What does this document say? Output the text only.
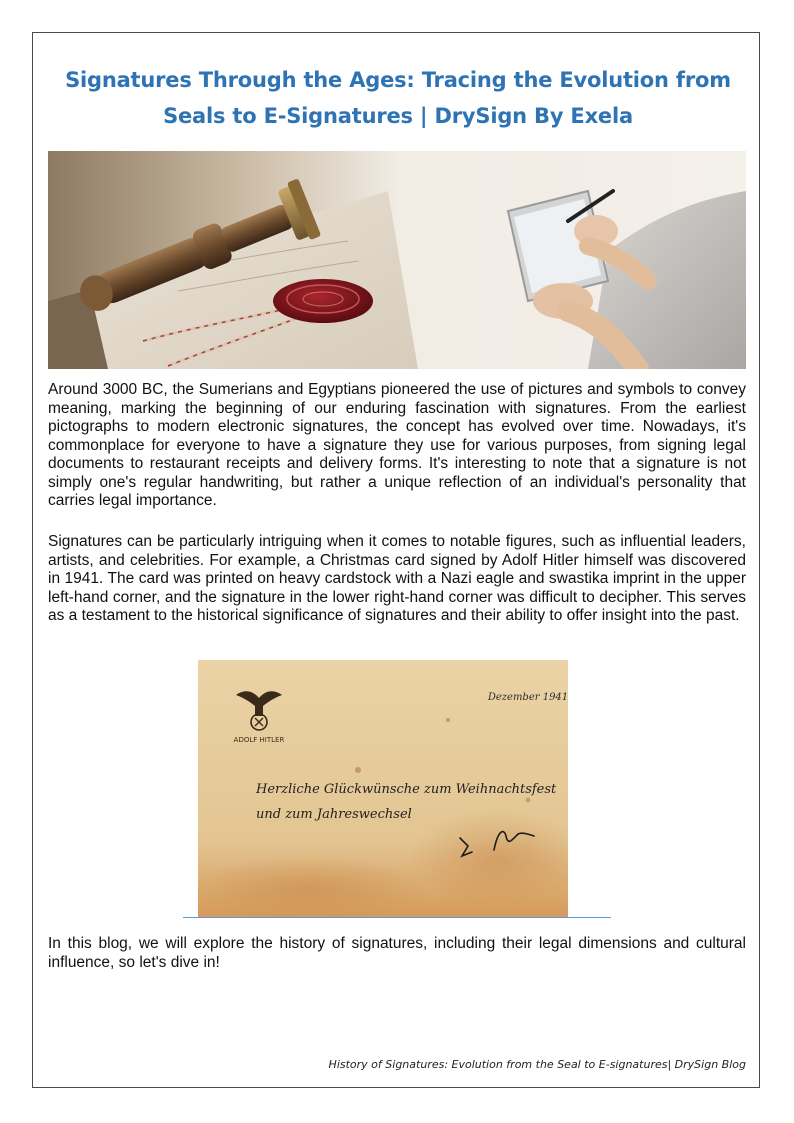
Signatures Through the Ages: Tracing the Evolution from Seals to E-Signatures | DrySign By Exela

Around 3000 BC, the Sumerians and Egyptians pioneered the use of pictures and symbols to convey meaning, marking the beginning of our enduring fascination with signatures. From the earliest pictographs to modern electronic signatures, the concept has evolved over time. Nowadays, it's commonplace for everyone to have a signature they use for various purposes, from signing legal documents to restaurant receipts and delivery forms. It's interesting to note that a signature is not simply one's regular handwriting, but rather a unique reflection of an individual's personality that carries legal importance.

Signatures can be particularly intriguing when it comes to notable figures, such as influential leaders, artists, and celebrities. For example, a Christmas card signed by Adolf Hitler himself was discovered in 1941. The card was printed on heavy cardstock with a Nazi eagle and swastika imprint in the upper left-hand corner, and the signature in the lower right-hand corner was difficult to decipher. This serves as a testament to the historical significance of signatures and their ability to offer insight into the past.

ADOLF HITLER
Dezember 1941
Herzliche Glückwünsche zum Weihnachtsfest
und zum Jahreswechsel

In this blog, we will explore the history of signatures, including their legal dimensions and cultural influence, so let's dive in!

History of Signatures: Evolution from the Seal to E-signatures| DrySign Blog
